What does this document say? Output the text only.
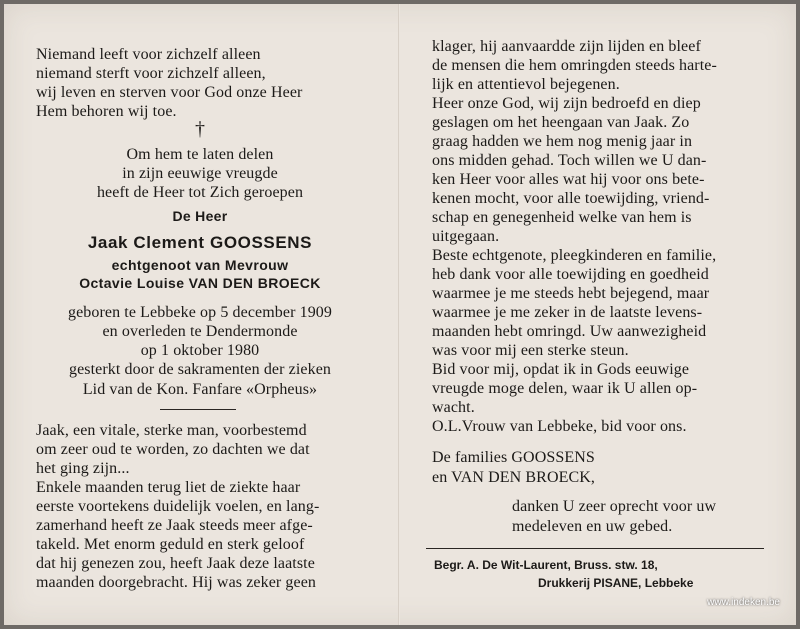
Niemand leeft voor zichzelf alleen
niemand sterft voor zichzelf alleen,
wij leven en sterven voor God onze Heer
Hem behoren wij toe.
†
Om hem te laten delen
in zijn eeuwige vreugde
heeft de Heer tot Zich geroepen
De Heer
Jaak Clement GOOSSENS
echtgenoot van Mevrouw
Octavie Louise VAN DEN BROECK
geboren te Lebbeke op 5 december 1909
en overleden te Dendermonde
op 1 oktober 1980
gesterkt door de sakramenten der zieken
Lid van de Kon. Fanfare «Orpheus»
Jaak, een vitale, sterke man, voorbestemd
om zeer oud te worden, zo dachten we dat
het ging zijn...
Enkele maanden terug liet de ziekte haar
eerste voortekens duidelijk voelen, en lang-
zamerhand heeft ze Jaak steeds meer afge-
takeld. Met enorm geduld en sterk geloof
dat hij genezen zou, heeft Jaak deze laatste
maanden doorgebracht. Hij was zeker geen
klager, hij aanvaardde zijn lijden en bleef
de mensen die hem omringden steeds harte-
lijk en attentievol bejegenen.
Heer onze God, wij zijn bedroefd en diep
geslagen om het heengaan van Jaak. Zo
graag hadden we hem nog menig jaar in
ons midden gehad. Toch willen we U dan-
ken Heer voor alles wat hij voor ons bete-
kenen mocht, voor alle toewijding, vriend-
schap en genegenheid welke van hem is
uitgegaan.
Beste echtgenote, pleegkinderen en familie,
heb dank voor alle toewijding en goedheid
waarmee je me steeds hebt bejegend, maar
waarmee je me zeker in de laatste levens-
maanden hebt omringd. Uw aanwezigheid
was voor mij een sterke steun.
Bid voor mij, opdat ik in Gods eeuwige
vreugde moge delen, waar ik U allen op-
wacht.
O.L.Vrouw van Lebbeke, bid voor ons.
De families GOOSSENS
en VAN DEN BROECK,
danken U zeer oprecht voor uw
medeleven en uw gebed.
Begr. A. De Wit-Laurent, Bruss. stw. 18,
Drukkerij PISANE, Lebbeke
www.indeken.be
